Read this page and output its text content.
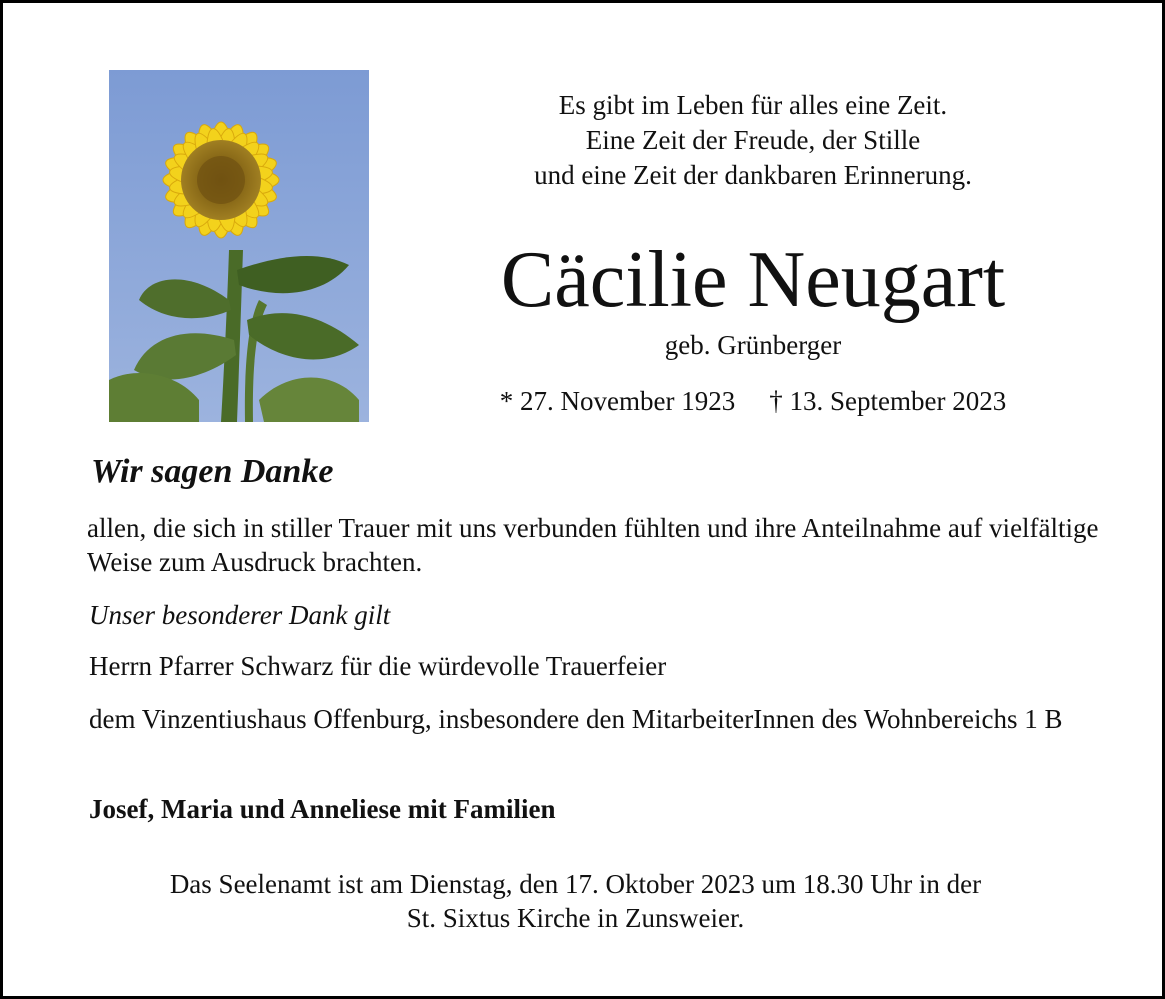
Es gibt im Leben für alles eine Zeit.
Eine Zeit der Freude, der Stille
und eine Zeit der dankbaren Erinnerung.
Cäcilie Neugart
geb. Grünberger
* 27. November 1923 † 13. September 2023
Wir sagen Danke
allen, die sich in stiller Trauer mit uns verbunden fühlten und ihre Anteilnahme auf vielfältige Weise zum Ausdruck brachten.
Unser besonderer Dank gilt
Herrn Pfarrer Schwarz für die würdevolle Trauerfeier
dem Vinzentiushaus Offenburg, insbesondere den MitarbeiterInnen des Wohnbereichs 1 B
Josef, Maria und Anneliese mit Familien
Das Seelenamt ist am Dienstag, den 17. Oktober 2023 um 18.30 Uhr in der
St. Sixtus Kirche in Zunsweier.
